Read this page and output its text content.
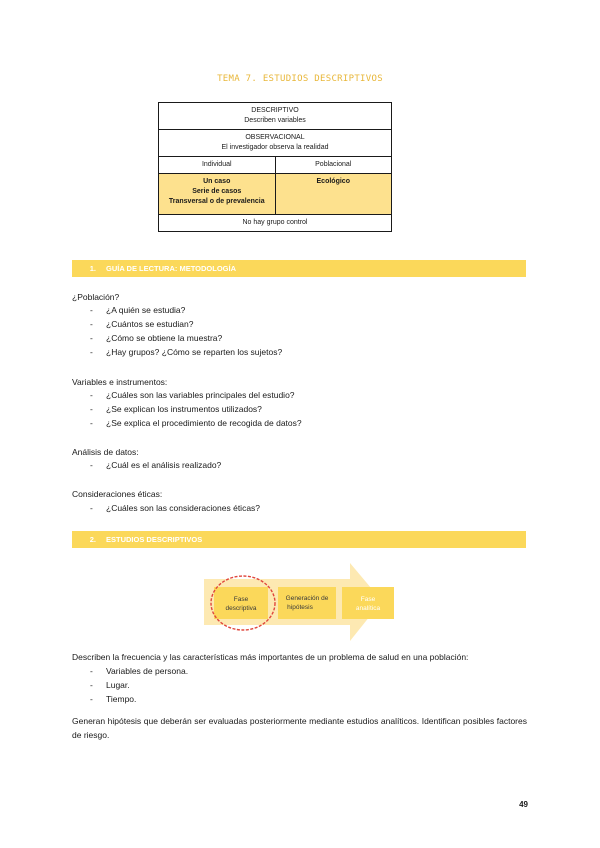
TEMA 7. ESTUDIOS DESCRIPTIVOS
DESCRIPTIVO
Describen variables	

OBSERVACIONAL
El investigador observa la realidad	

Individual	Poblacional

Un caso
Serie de casos
Transversal o de prevalencia	Ecológico

No hay grupo control	
1. GUÍA DE LECTURA: METODOLOGÍA
¿Población?
- ¿A quién se estudia?
- ¿Cuántos se estudian?
- ¿Cómo se obtiene la muestra?
- ¿Hay grupos? ¿Cómo se reparten los sujetos?
Variables e instrumentos:
- ¿Cuáles son las variables principales del estudio?
- ¿Se explican los instrumentos utilizados?
- ¿Se explica el procedimiento de recogida de datos?
Análisis de datos:
- ¿Cuál es el análisis realizado?
Consideraciones éticas:
- ¿Cuáles son las consideraciones éticas?
2. ESTUDIOS DESCRIPTIVOS
Fase
descriptiva
Generación de
hipótesis
Fase
analítica
Describen la frecuencia y las características más importantes de un problema de salud en una población:
- Variables de persona.
- Lugar.
- Tiempo.
Generan hipótesis que deberán ser evaluadas posteriormente mediante estudios analíticos. Identifican posibles factores de riesgo.
49
